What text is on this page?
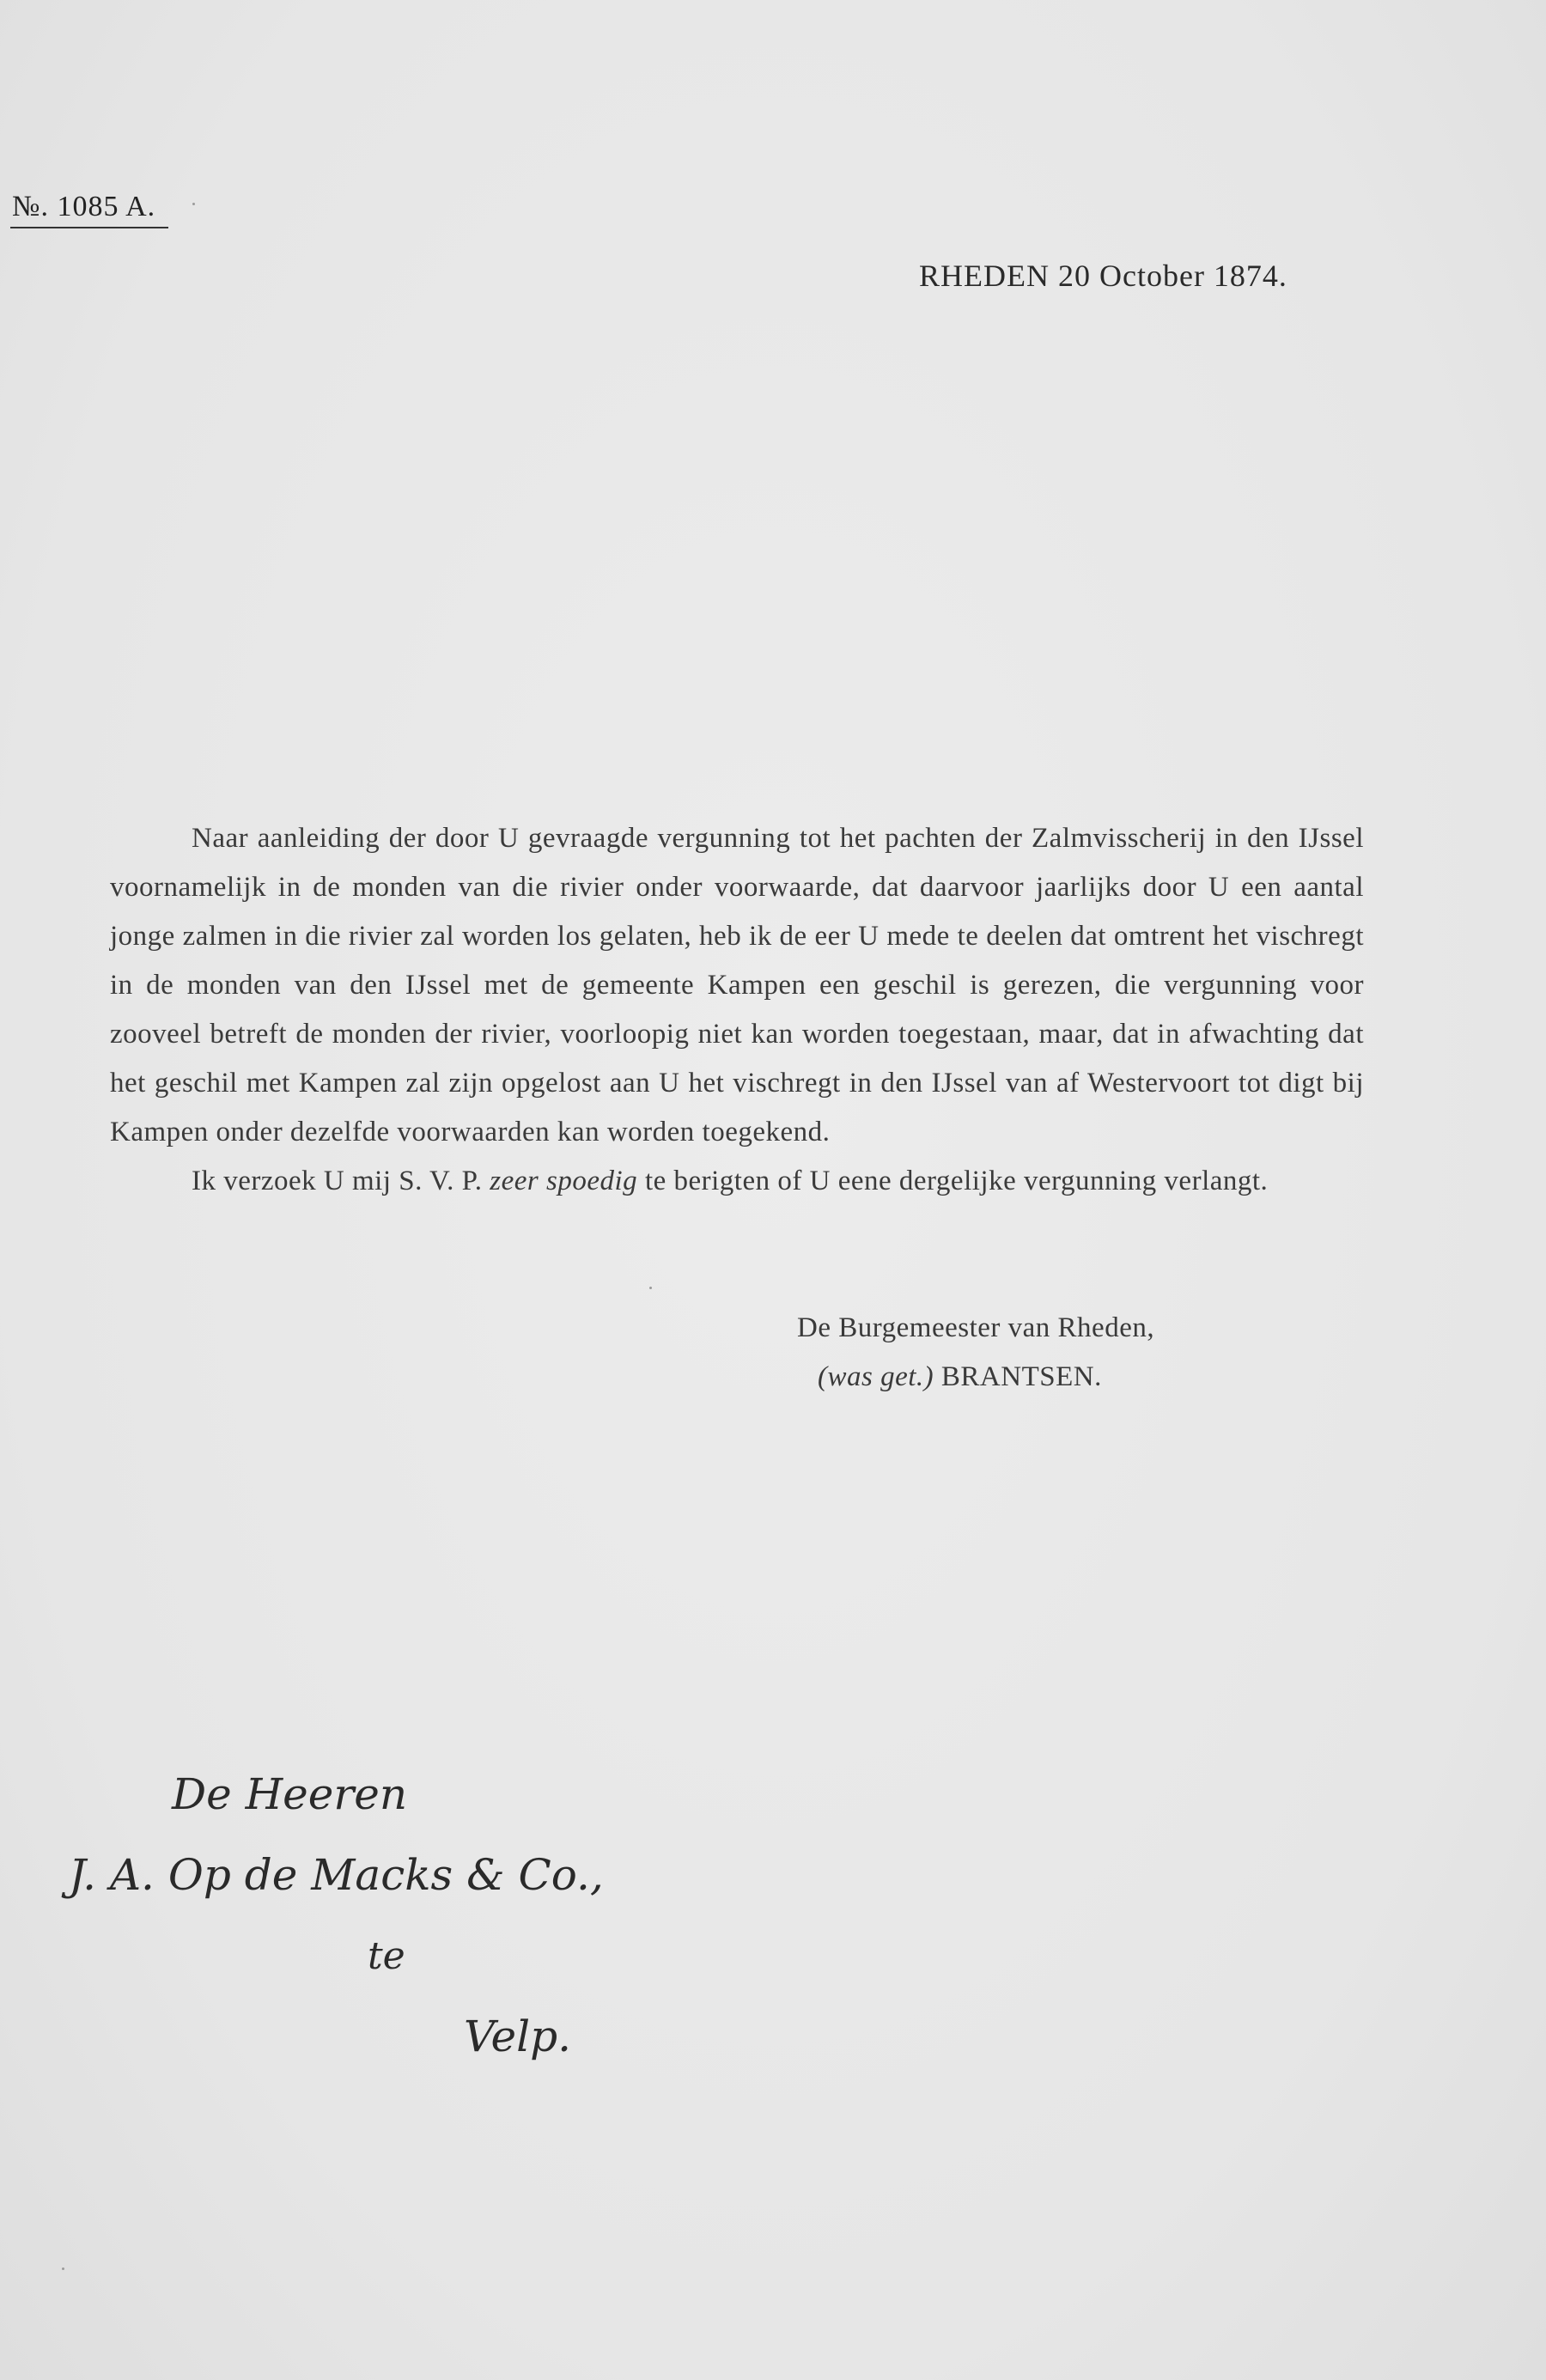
№. 1085 A.
RHEDEN 20 October 1874.

Naar aanleiding der door U gevraagde vergunning tot het pachten der Zalmvisscherij in den IJssel voornamelijk in de monden van die rivier onder voorwaarde, dat daarvoor jaarlijks door U een aantal jonge zalmen in die rivier zal worden los gelaten, heb ik de eer U mede te deelen dat omtrent het vischregt in de monden van den IJssel met de gemeente Kampen een geschil is gerezen, die vergunning voor zooveel betreft de monden der rivier, voorloopig niet kan worden toegestaan, maar, dat in afwachting dat het geschil met Kampen zal zijn opgelost aan U het vischregt in den IJssel van af Westervoort tot digt bij Kampen onder dezelfde voorwaarden kan worden toegekend.

Ik verzoek U mij S. V. P. zeer spoedig te berigten of U eene dergelijke vergunning verlangt.

De Burgemeester van Rheden,
(was get.) BRANTSEN.
De Heeren
J. A. Op de Macks & Co.,
te
Velp.
